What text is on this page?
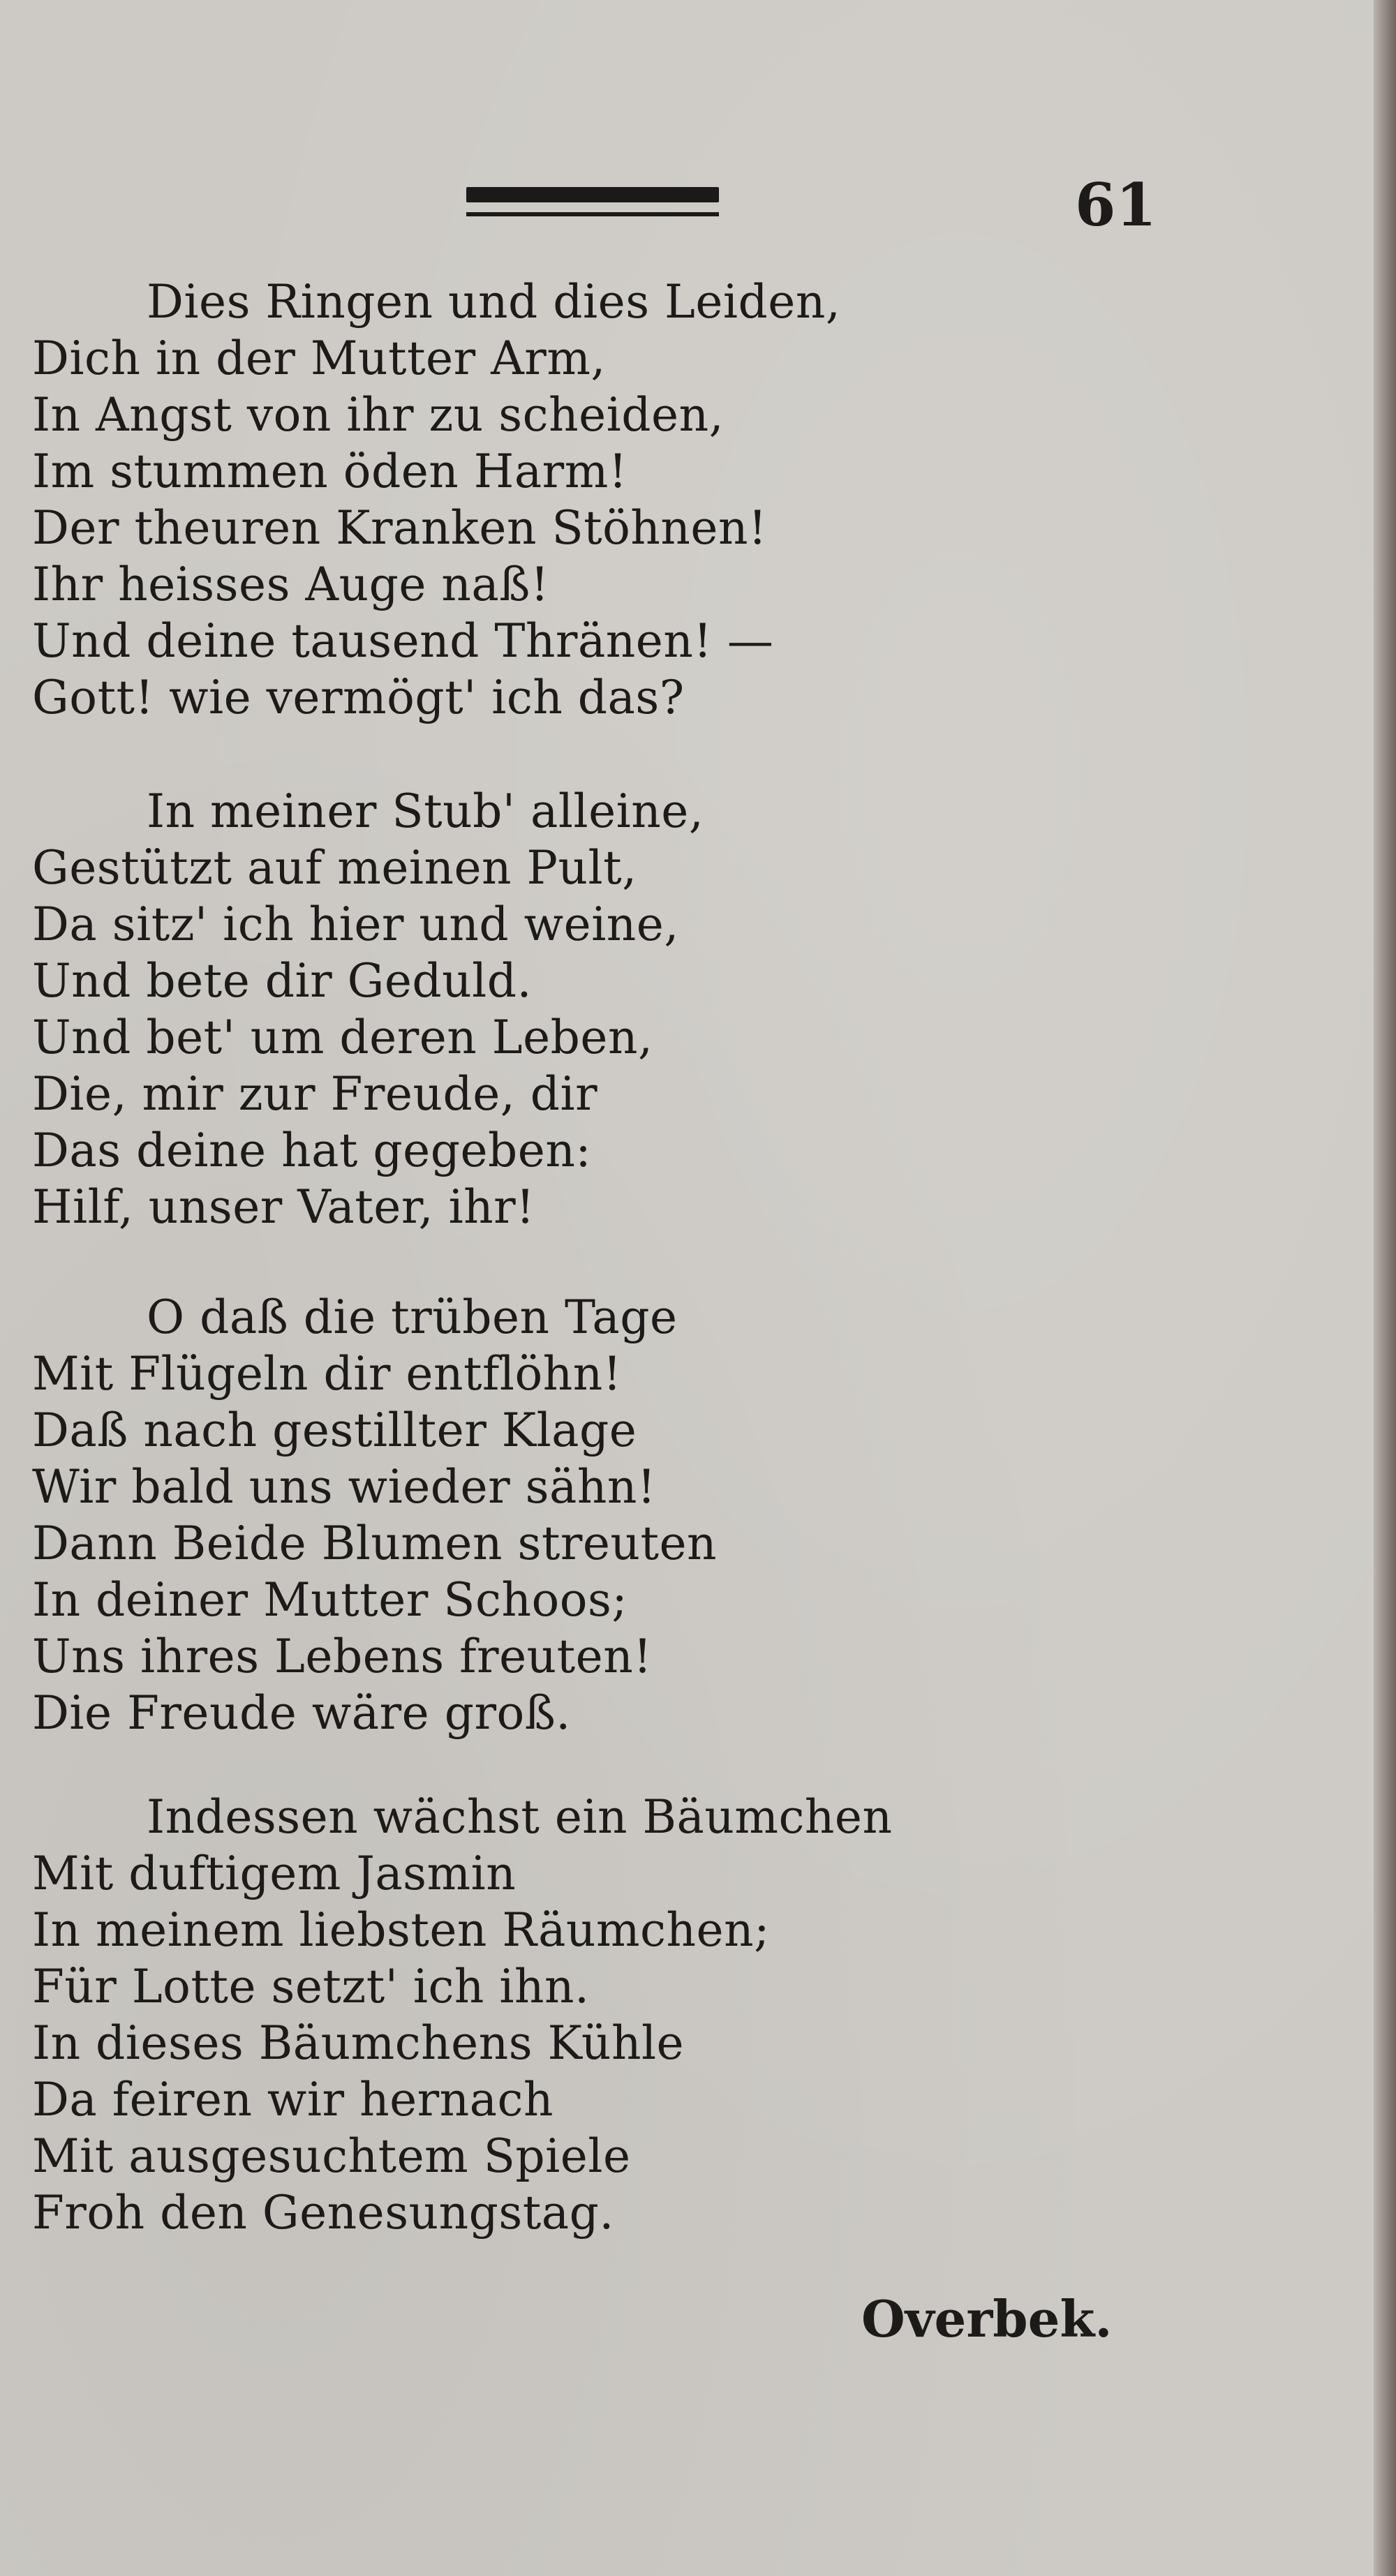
61
Dies Ringen und dies Leiden,
Dich in der Mutter Arm,
In Angst von ihr zu scheiden,
Im stummen öden Harm!
Der theuren Kranken Stöhnen!
Ihr heisses Auge naß!
Und deine tausend Thränen! —
Gott! wie vermögt' ich das?
In meiner Stub' alleine,
Gestützt auf meinen Pult,
Da sitz' ich hier und weine,
Und bete dir Geduld.
Und bet' um deren Leben,
Die, mir zur Freude, dir
Das deine hat gegeben:
Hilf, unser Vater, ihr!
O daß die trüben Tage
Mit Flügeln dir entflöhn!
Daß nach gestillter Klage
Wir bald uns wieder sähn!
Dann Beide Blumen streuten
In deiner Mutter Schoos;
Uns ihres Lebens freuten!
Die Freude wäre groß.
Indessen wächst ein Bäumchen
Mit duftigem Jasmin
In meinem liebsten Räumchen;
Für Lotte setzt' ich ihn.
In dieses Bäumchens Kühle
Da feiren wir hernach
Mit ausgesuchtem Spiele
Froh den Genesungstag.
Overbek.
